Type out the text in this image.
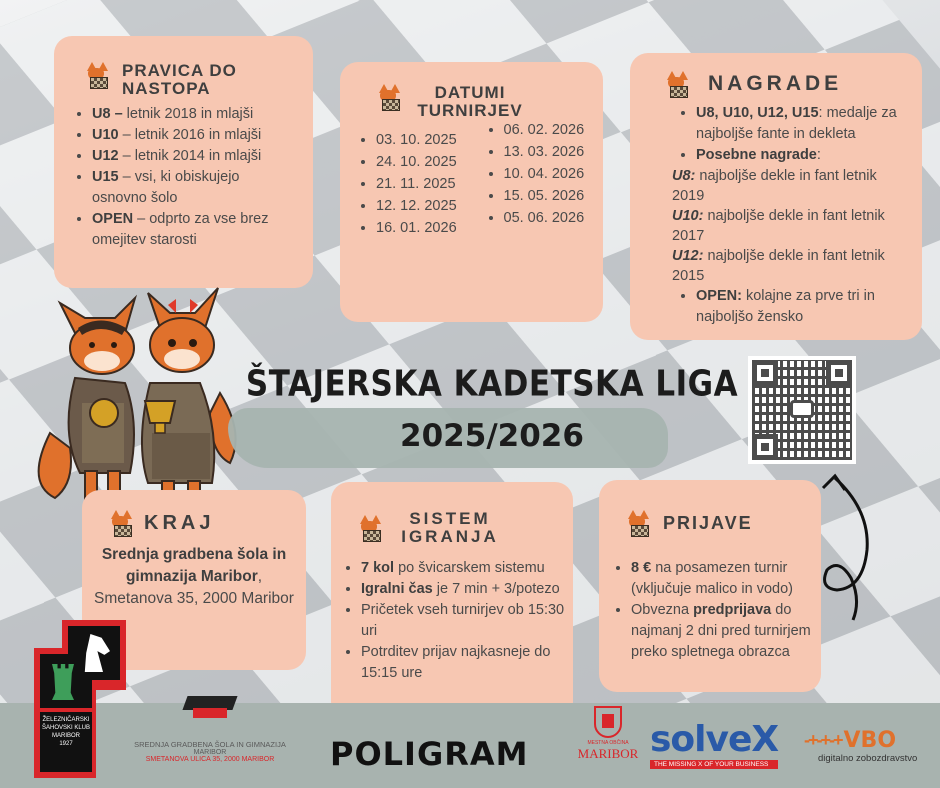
PRAVICA DO NASTOPA
• U8 – letnik 2018 in mlajši
• U10 – letnik 2016 in mlajši
• U12 – letnik 2014 in mlajši
• U15 – vsi, ki obiskujejo osnovno šolo
• OPEN – odprto za vse brez omejitev starosti
DATUMI TURNIRJEV
• 03. 10. 2025
• 24. 10. 2025
• 21. 11. 2025
• 12. 12. 2025
• 16. 01. 2026
• 06. 02. 2026
• 13. 03. 2026
• 10. 04. 2026
• 15. 05. 2026
• 05. 06. 2026
NAGRADE
• U8, U10, U12, U15: medalje za najboljše fante in dekleta
• Posebne nagrade:

U8: najboljše dekle in fant letnik 2019

U10: najboljše dekle in fant letnik 2017

U12: najboljše dekle in fant letnik 2015

• OPEN: kolajne za prve tri in najboljšo žensko
ŠTAJERSKA KADETSKA LIGA
2025/2026
KRAJ

Srednja gradbena šola in gimnazija Maribor, Smetanova 35, 2000 Maribor

SISTEM IGRANJA
• 7 kol po švicarskem sistemu
• Igralni čas je 7 min + 3/potezo
• Pričetek vseh turnirjev ob 15:30 uri
• Potrditev prijav najkasneje do 15:15 ure
PRIJAVE
• 8 € na posamezen turnir (vključuje malico in vodo)
• Obvezna predprijava do najmanj 2 dni pred turnirjem preko spletnega obrazca
ŽELEZNIČARSKI ŠAHOVSKI KLUB MARIBOR
1927	SREDNJA GRADBENA ŠOLA IN GIMNAZIJA
MARIBOR
SMETANOVA ULICA 35, 2000 MARIBOR	POLIGRAM	MESTNA OBČINA
MARIBOR solveX
THE MISSING X OF YOUR BUSINESS
-+-+-+ VBO
digitalno zobozdravstvo
